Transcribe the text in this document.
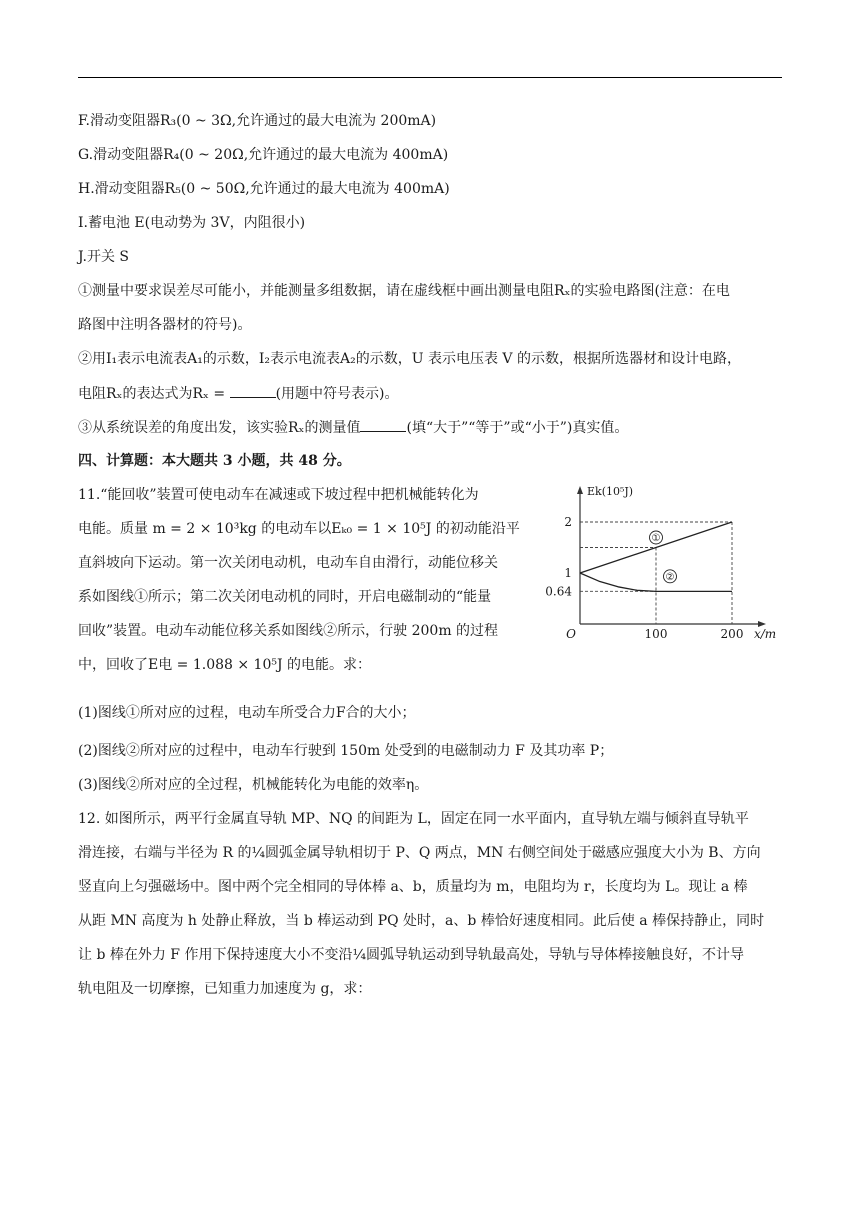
F.滑动变阻器R₃(0 ~ 3Ω,允许通过的最大电流为 200mA)
G.滑动变阻器R₄(0 ~ 20Ω,允许通过的最大电流为 400mA)
H.滑动变阻器R₅(0 ~ 50Ω,允许通过的最大电流为 400mA)
I.蓄电池 E(电动势为 3V，内阻很小)
J.开关 S
①测量中要求误差尽可能小，并能测量多组数据，请在虚线框中画出测量电阻Rₓ的实验电路图(注意：在电
路图中注明各器材的符号)。
②用I₁表示电流表A₁的示数，I₂表示电流表A₂的示数，U 表示电压表 V 的示数，根据所选器材和设计电路，
电阻Rₓ的表达式为Rₓ =	(用题中符号表示)。
③从系统误差的角度出发，该实验Rₓ的测量值	(填“大于”“等于”或“小于”)真实值。
四、计算题：本大题共 3 小题，共 48 分。
11.“能回收”装置可使电动车在减速或下坡过程中把机械能转化为
电能。质量 m = 2 × 10³kg 的电动车以Eₖ₀ = 1 × 10⁵J 的初动能沿平
直斜坡向下运动。第一次关闭电动机，电动车自由滑行，动能位移关
系如图线①所示；第二次关闭电动机的同时，开启电磁制动的“能量
回收”装置。电动车动能位移关系如图线②所示，行驶 200m 的过程
中，回收了E电 = 1.088 × 10⁵J 的电能。求：
(1)图线①所对应的过程，电动车所受合力F合的大小；
(2)图线②所对应的过程中，电动车行驶到 150m 处受到的电磁制动力 F 及其功率 P；
(3)图线②所对应的全过程，机械能转化为电能的效率η。
12. 如图所示，两平行金属直导轨 MP、NQ 的间距为 L，固定在同一水平面内，直导轨左端与倾斜直导轨平
滑连接，右端与半径为 R 的¼圆弧金属导轨相切于 P、Q 两点，MN 右侧空间处于磁感应强度大小为 B、方向
竖直向上匀强磁场中。图中两个完全相同的导体棒 a、b，质量均为 m，电阻均为 r，长度均为 L。现让 a 棒
从距 MN 高度为 h 处静止释放，当 b 棒运动到 PQ 处时，a、b 棒恰好速度相同。此后使 a 棒保持静止，同时
让 b 棒在外力 F 作用下保持速度大小不变沿¼圆弧导轨运动到导轨最高处，导轨与导体棒接触良好，不计导
轨电阻及一切摩擦，已知重力加速度为 g，求：
O	100	200 x/m
1
0.64
2
Ek(10⁵J)
①
②
